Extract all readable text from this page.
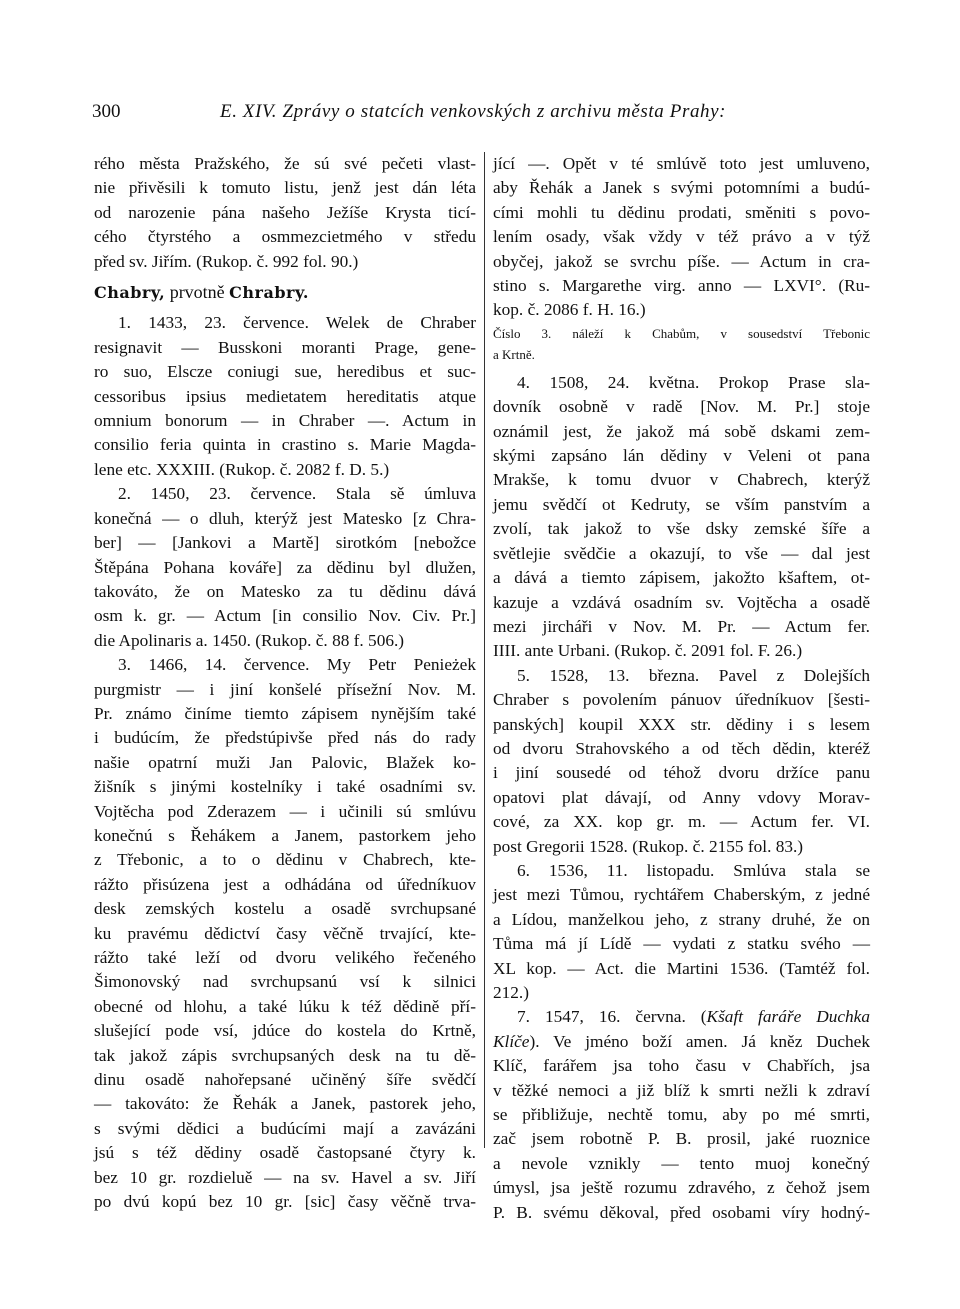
300	E. XIV. Zprávy o statcích venkovských z archivu města Prahy:
rého města Pražského, že sú své pečeti vlast-
nie přivěsili k tomuto listu, jenž jest dán léta
od narozenie pána našeho Ježíše Krysta ticí-
cého čtyrstého a osmmezcietmého v středu
před sv. Jiřím. (Rukop. č. 992 fol. 90.)
Chabry, prvotně Chrabry.
1. 1433, 23. července. Welek de Chraber
resignavit — Busskoni moranti Prage, gene-
ro suo, Elscze coniugi sue, heredibus et suc-
cessoribus ipsius medietatem hereditatis atque
omnium bonorum — in Chraber —. Actum in
consilio feria quinta in crastino s. Marie Magda-
lene etc. XXXIII. (Rukop. č. 2082 f. D. 5.)
2. 1450, 23. července. Stala sě úmluva
konečná — o dluh, kterýž jest Matesko [z Chra-
ber] — [Jankovi a Martě] sirotkóm [nebožce
Štěpána Pohana kováře] za dědinu byl dlužen,
takováto, že on Matesko za tu dědinu dává
osm k. gr. — Actum [in consilio Nov. Civ. Pr.]
die Apolinaris a. 1450. (Rukop. č. 88 f. 506.)
3. 1466, 14. července. My Petr Penieżek
purgmistr — i jiní konšelé přísežní Nov. M.
Pr. známo činíme tiemto zápisem nynějším také
i budúcím, že předstúpivše před nás do rady
našie opatrní muži Jan Palovic, Blažek ko-
žišník s jinými kostelníky i také osadními sv.
Vojtěcha pod Zderazem — i učinili sú smlúvu
konečnú s Řehákem a Janem, pastorkem jeho
z Třebonic, a to o dědinu v Chabrech, kte-
rážto přisúzena jest a odhádána od úředníkuov
desk zemských kostelu a osadě svrchupsané
ku pravému dědictví časy věčně trvající, kte-
rážto také leží od dvoru velikého řečeného
Šimonovský nad svrchupsanú vsí k silnici
obecné od hlohu, a také lúku k též dědině pří-
slušející pode vsí, jdúce do kostela do Krtně,
tak jakož zápis svrchupsaných desk na tu dě-
dinu osadě nahořepsané učiněný šíře svědčí
— takováto: že Řehák a Janek, pastorek jeho,
s svými dědici a budúcími mají a zavázáni
jsú s též dědiny osadě častopsané čtyry k.
bez 10 gr. rozdieluě — na sv. Havel a sv. Jiří
po dvú kopú bez 10 gr. [sic] časy věčně trva-
jící —. Opět v té smlúvě toto jest umluveno,
aby Řehák a Janek s svými potomními a budú-
cími mohli tu dědinu prodati, směniti s povo-
lením osady, však vždy v též právo a v týž
obyčej, jakož se svrchu píše. — Actum in cra-
stino s. Margarethe virg. anno — LXVI°. (Ru-
kop. č. 2086 f. H. 16.)
Číslo 3. náleží k Chabům, v sousedství Třebonic
a Krtně.
4. 1508, 24. května. Prokop Prase sla-
dovník osobně v radě [Nov. M. Pr.] stoje
oznámil jest, že jakož má sobě dskami zem-
skými zapsáno lán dědiny v Veleni ot pana
Mrakše, k tomu dvuor v Chabrech, kterýž
jemu svědčí ot Kedruty, se vším panstvím a
zvolí, tak jakož to vše dsky zemské šíře a
světlejie svědčie a okazují, to vše — dal jest
a dává a tiemto zápisem, jakožto kšaftem, ot-
kazuje a vzdává osadním sv. Vojtěcha a osadě
mezi jircháři v Nov. M. Pr. — Actum fer.
IIII. ante Urbani. (Rukop. č. 2091 fol. F. 26.)
5. 1528, 13. března. Pavel z Dolejších
Chraber s povolením pánuov úředníkuov [šesti-
panských] koupil XXX str. dědiny i s lesem
od dvoru Strahovského a od těch dědin, kteréž
i jiní sousedé od téhož dvoru držíce panu
opatovi plat dávají, od Anny vdovy Morav-
cové, za XX. kop gr. m. — Actum fer. VI.
post Gregorii 1528. (Rukop. č. 2155 fol. 83.)
6. 1536, 11. listopadu. Smlúva stala se
jest mezi Tůmou, rychtářem Chaberským, z jedné
a Lídou, manželkou jeho, z strany druhé, že on
Tůma má jí Lídě — vydati z statku svého —
XL kop. — Act. die Martini 1536. (Tamtéž fol.
212.)
7. 1547, 16. června. (Kšaft faráře Duchka
Klíče). Ve jméno boží amen. Já kněz Duchek
Klíč, farářem jsa toho času v Chabřích, jsa
v těžké nemoci a již blíž k smrti nežli k zdraví
se přibližuje, nechtě tomu, aby po mé smrti,
zač jsem robotně P. B. prosil, jaké ruoznice
a nevole vznikly — tento muoj konečný
úmysl, jsa ještě rozumu zdravého, z čehož jsem
P. B. svému děkoval, před osobami víry hodný-
